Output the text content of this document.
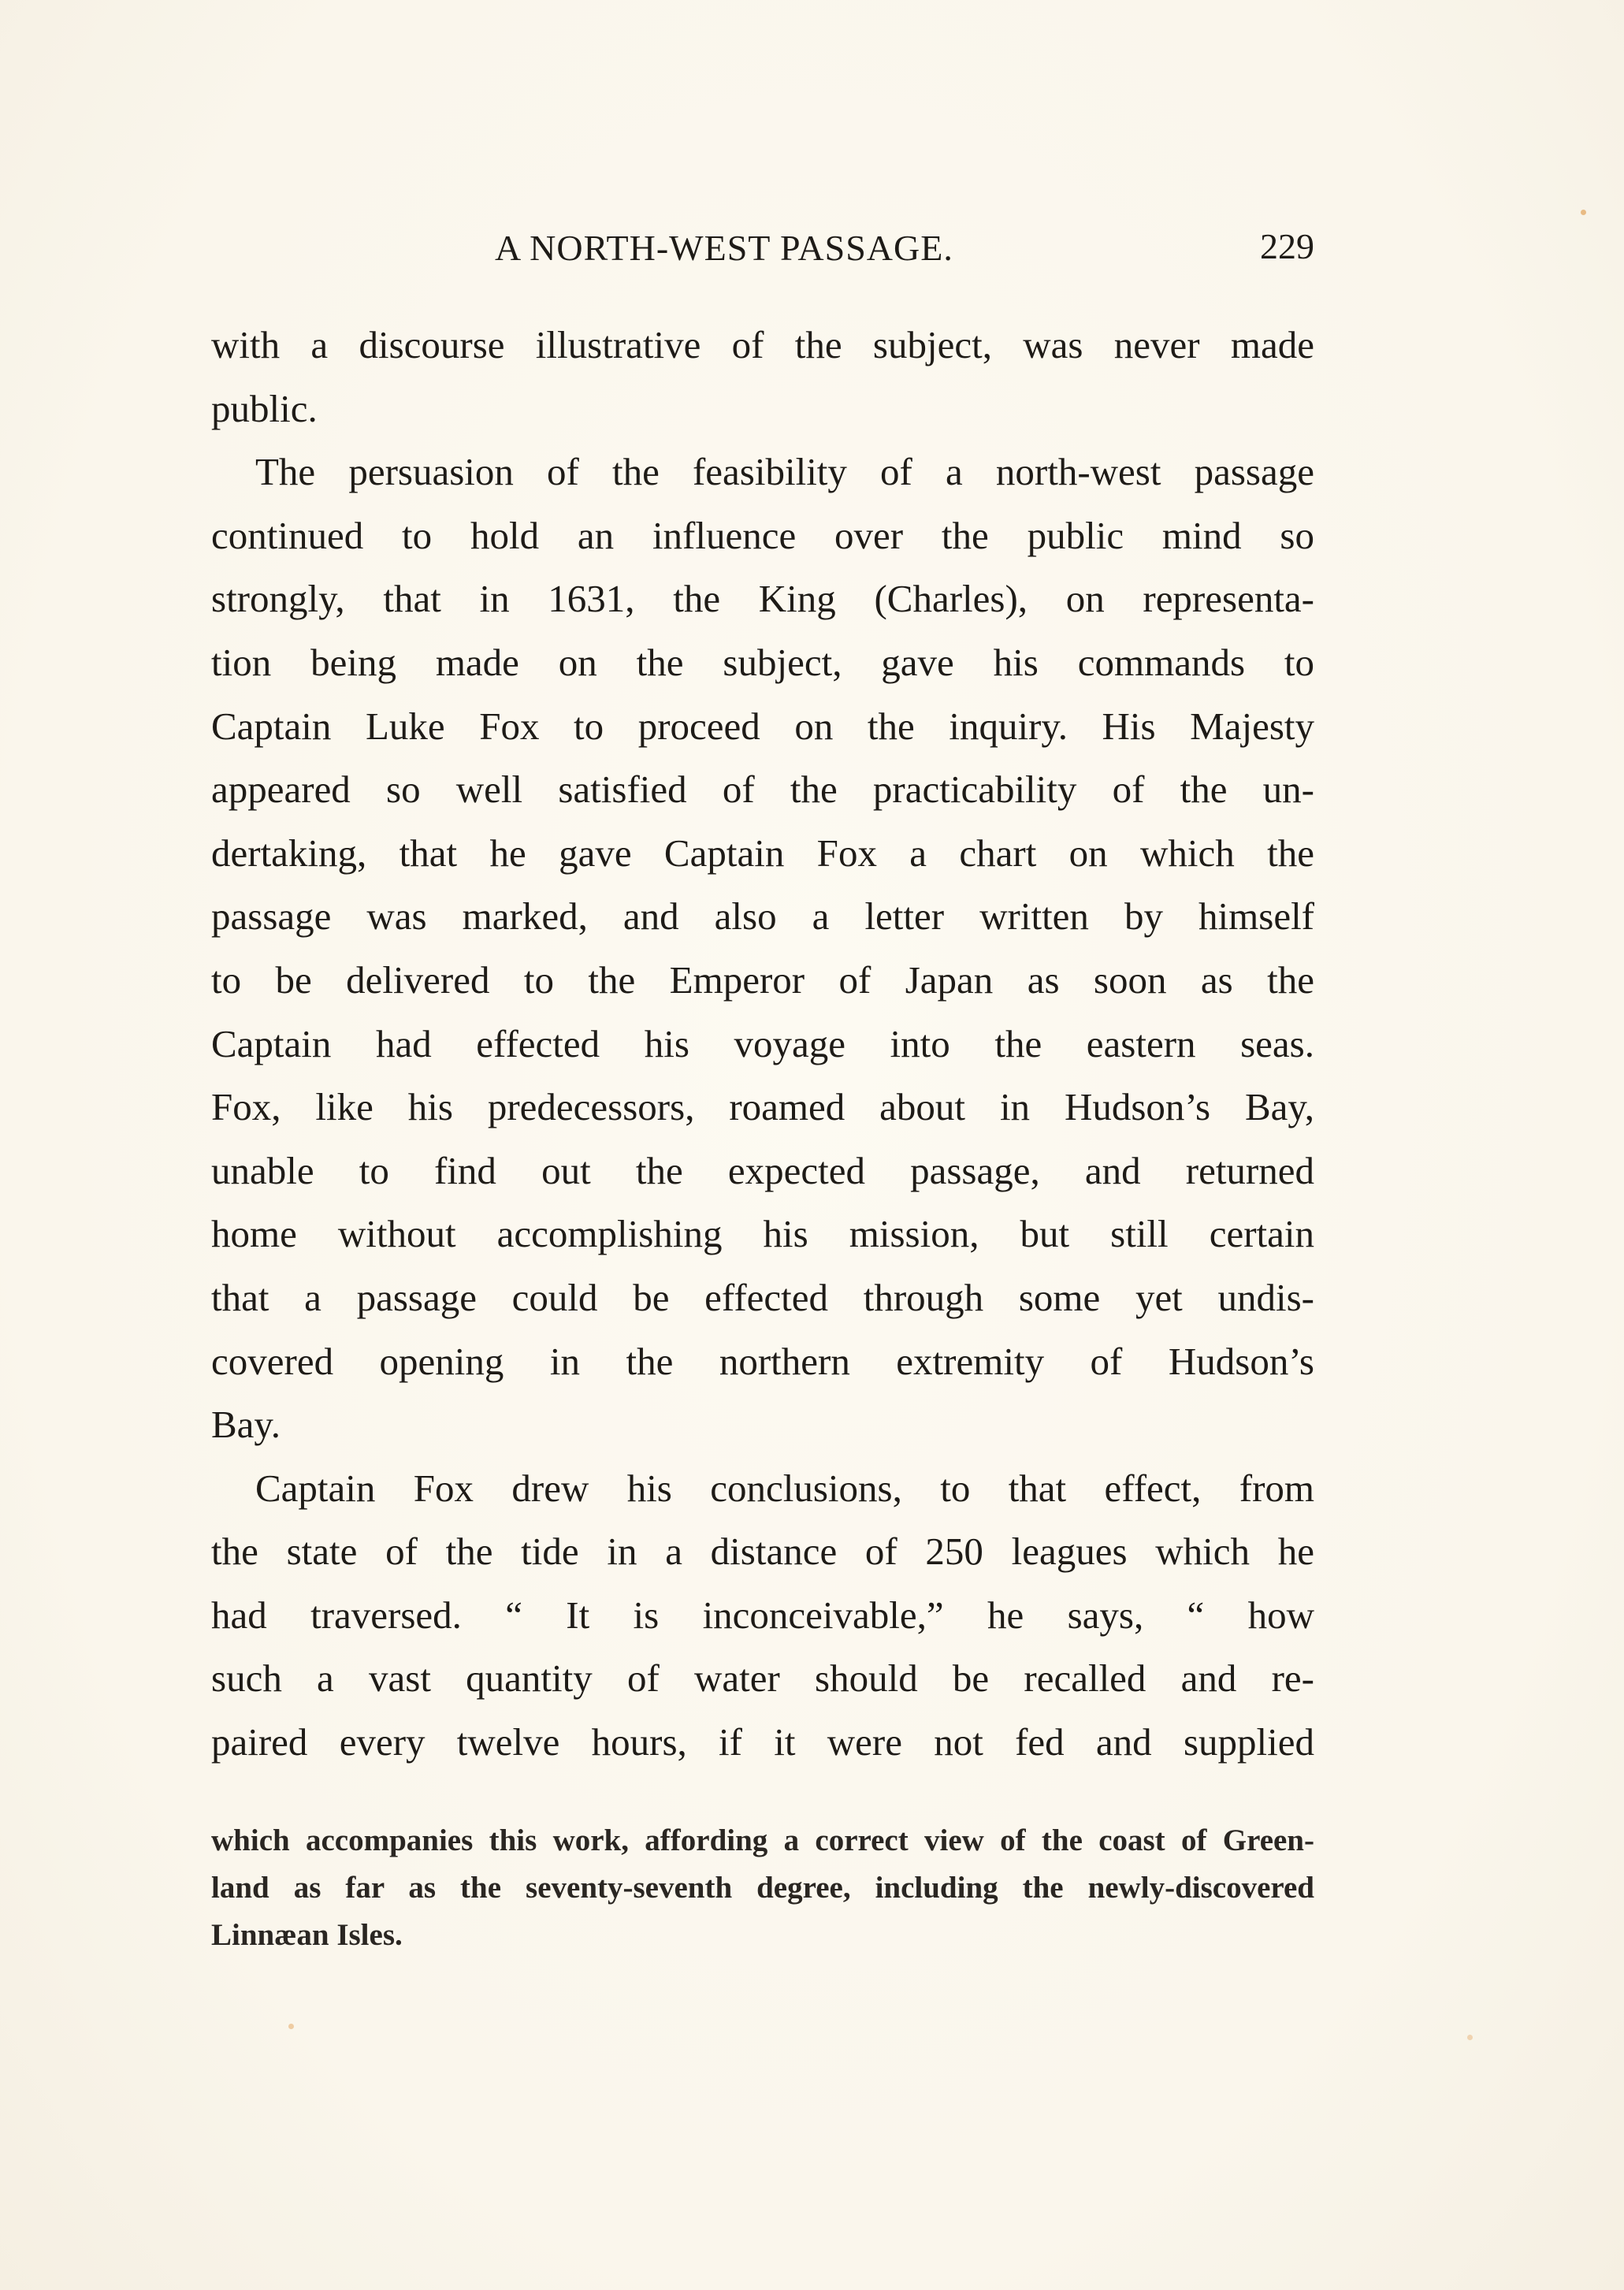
A NORTH-WEST PASSAGE.	229
with a discourse illustrative of the subject, was never made
public.
The persuasion of the feasibility of a north-west passage
continued to hold an influence over the public mind so
strongly, that in 1631, the King (Charles), on representa-
tion being made on the subject, gave his commands to
Captain Luke Fox to proceed on the inquiry. His Majesty
appeared so well satisfied of the practicability of the un-
dertaking, that he gave Captain Fox a chart on which the
passage was marked, and also a letter written by himself
to be delivered to the Emperor of Japan as soon as the
Captain had effected his voyage into the eastern seas.
Fox, like his predecessors, roamed about in Hudson’s Bay,
unable to find out the expected passage, and returned
home without accomplishing his mission, but still certain
that a passage could be effected through some yet undis-
covered opening in the northern extremity of Hudson’s
Bay.
Captain Fox drew his conclusions, to that effect, from
the state of the tide in a distance of 250 leagues which he
had traversed. “ It is inconceivable,” he says, “ how
such a vast quantity of water should be recalled and re-
paired every twelve hours, if it were not fed and supplied
which accompanies this work, affording a correct view of the coast of Green-
land as far as the seventy-seventh degree, including the newly-discovered
Linnæan Isles.
